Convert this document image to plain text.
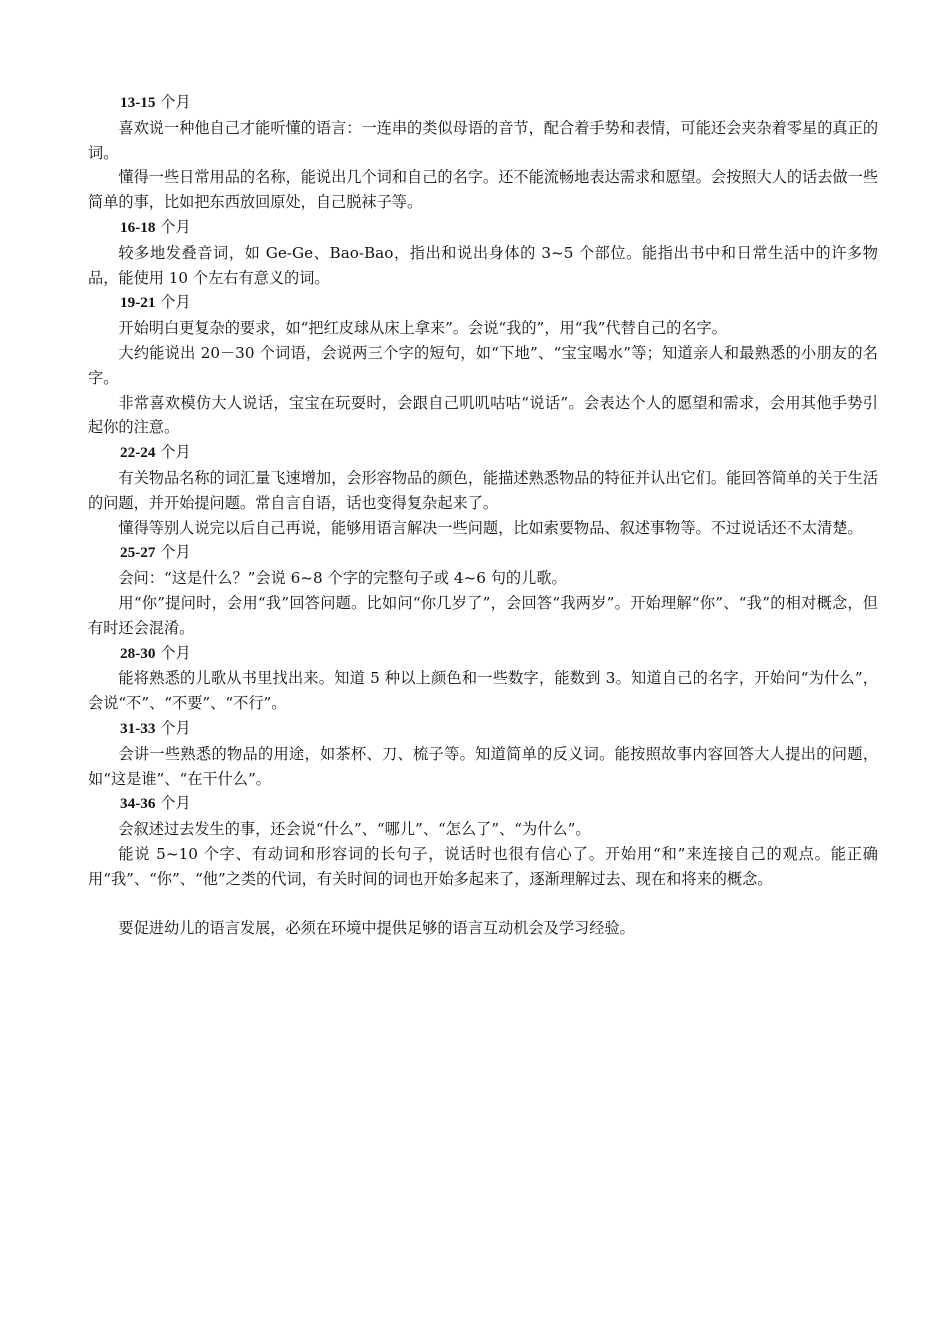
13-15 个月

喜欢说一种他自己才能听懂的语言：一连串的类似母语的音节，配合着手势和表情，可能还会夹杂着零星的真正的词。

懂得一些日常用品的名称，能说出几个词和自己的名字。还不能流畅地表达需求和愿望。会按照大人的话去做一些简单的事，比如把东西放回原处，自己脱袜子等。

16-18 个月

较多地发叠音词，如 Ge-Ge、Bao-Bao，指出和说出身体的 3~5 个部位。能指出书中和日常生活中的许多物品，能使用 10 个左右有意义的词。

19-21 个月

开始明白更复杂的要求，如“把红皮球从床上拿来”。会说“我的”，用“我”代替自己的名字。

大约能说出 20－30 个词语，会说两三个字的短句，如“下地”、“宝宝喝水”等；知道亲人和最熟悉的小朋友的名字。

非常喜欢模仿大人说话，宝宝在玩耍时，会跟自己叽叽咕咕“说话”。会表达个人的愿望和需求，会用其他手势引起你的注意。

22-24 个月

有关物品名称的词汇量飞速增加，会形容物品的颜色，能描述熟悉物品的特征并认出它们。能回答简单的关于生活的问题，并开始提问题。常自言自语，话也变得复杂起来了。

懂得等别人说完以后自己再说，能够用语言解决一些问题，比如索要物品、叙述事物等。不过说话还不太清楚。

25-27 个月

会问：“这是什么？”会说 6~8 个字的完整句子或 4~6 句的儿歌。

用“你”提问时，会用“我”回答问题。比如问“你几岁了”，会回答“我两岁”。开始理解“你”、“我”的相对概念，但有时还会混淆。

28-30 个月

能将熟悉的儿歌从书里找出来。知道 5 种以上颜色和一些数字，能数到 3。知道自己的名字，开始问“为什么”，会说“不”、“不要”、“不行”。

31-33 个月

会讲一些熟悉的物品的用途，如茶杯、刀、梳子等。知道简单的反义词。能按照故事内容回答大人提出的问题，如“这是谁”、“在干什么”。

34-36 个月

会叙述过去发生的事，还会说“什么”、“哪儿”、“怎么了”、“为什么”。

能说 5~10 个字、有动词和形容词的长句子，说话时也很有信心了。开始用“和”来连接自己的观点。能正确用“我”、“你”、“他”之类的代词，有关时间的词也开始多起来了，逐渐理解过去、现在和将来的概念。

要促进幼儿的语言发展，必须在环境中提供足够的语言互动机会及学习经验。
